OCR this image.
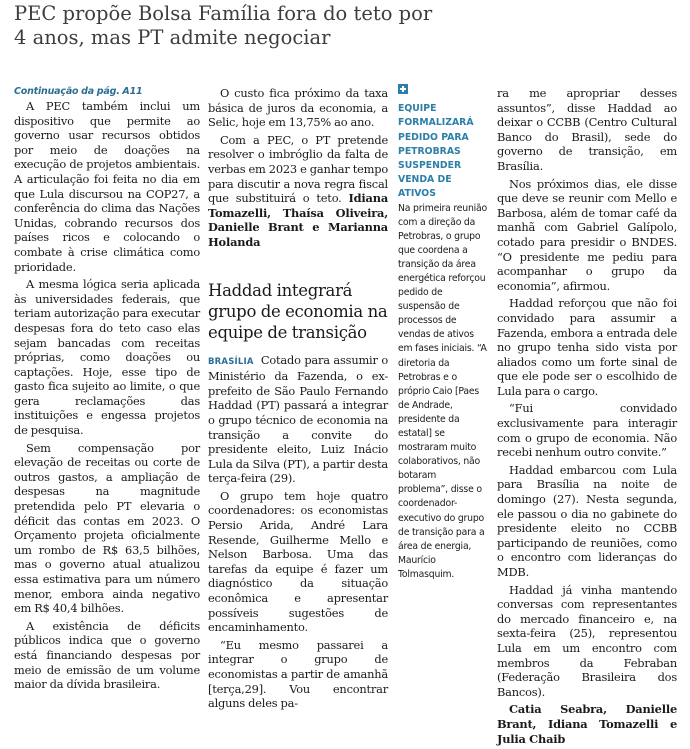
PEC propõe Bolsa Família fora do teto por 4 anos, mas PT admite negociar
Continuação da pág. A11

A PEC também inclui um dispositivo que permite ao governo usar recursos obtidos por meio de doações na execução de projetos ambientais. A articulação foi feita no dia em que Lula discursou na COP27, a conferência do clima das Nações Unidas, cobrando recursos dos países ricos e colocando o combate à crise climática como prioridade.

A mesma lógica seria aplicada às universidades federais, que teriam autorização para executar despesas fora do teto caso elas sejam bancadas com receitas próprias, como doações ou captações. Hoje, esse tipo de gasto fica sujeito ao limite, o que gera reclamações das instituições e engessa projetos de pesquisa.

Sem compensação por elevação de receitas ou corte de outros gastos, a ampliação de despesas na magnitude pretendida pelo PT elevaria o déficit das contas em 2023. O Orçamento projeta oficialmente um rombo de R$ 63,5 bilhões, mas o governo atual atualizou essa estimativa para um número menor, embora ainda negativo em R$ 40,4 bilhões.

A existência de déficits públicos indica que o governo está financiando despesas por meio de emissão de um volume maior da dívida brasileira.

O custo fica próximo da taxa básica de juros da economia, a Selic, hoje em 13,75% ao ano.

Com a PEC, o PT pretende resolver o imbróglio da falta de verbas em 2023 e ganhar tempo para discutir a nova regra fiscal que substituirá o teto. Idiana Tomazelli, Thaísa Oliveira, Danielle Brant e Marianna Holanda

Haddad integrará grupo de economia na equipe de transição

BRASÍLIA Cotado para assumir o Ministério da Fazenda, o ex-prefeito de São Paulo Fernando Haddad (PT) passará a integrar o grupo técnico de economia na transição a convite do presidente eleito, Luiz Inácio Lula da Silva (PT), a partir desta terça-feira (29).

O grupo tem hoje quatro coordenadores: os economistas Persio Arida, André Lara Resende, Guilherme Mello e Nelson Barbosa. Uma das tarefas da equipe é fazer um diagnóstico da situação econômica e apresentar possíveis sugestões de encaminhamento.

“Eu mesmo passarei a integrar o grupo de economistas a partir de amanhã [terça,29]. Vou encontrar alguns deles pa-

EQUIPE FORMALIZARÁ PEDIDO PARA PETROBRAS SUSPENDER VENDA DE ATIVOS
Na primeira reunião com a direção da Petrobras, o grupo que coordena a transição da área energética reforçou pedido de suspensão de processos de vendas de ativos em fases iniciais. “A diretoria da Petrobras e o próprio Caio [Paes de Andrade, presidente da estatal] se mostraram muito colaborativos, não botaram problema”, disse o coordenador-executivo do grupo de transição para a área de energia, Maurício Tolmasquim.

ra me apropriar desses assuntos”, disse Haddad ao deixar o CCBB (Centro Cultural Banco do Brasil), sede do governo de transição, em Brasília.

Nos próximos dias, ele disse que deve se reunir com Mello e Barbosa, além de tomar café da manhã com Gabriel Galípolo, cotado para presidir o BNDES. “O presidente me pediu para acompanhar o grupo da economia”, afirmou.

Haddad reforçou que não foi convidado para assumir a Fazenda, embora a entrada dele no grupo tenha sido vista por aliados como um forte sinal de que ele pode ser o escolhido de Lula para o cargo.

“Fui convidado exclusivamente para interagir com o grupo de economia. Não recebi nenhum outro convite.”

Haddad embarcou com Lula para Brasília na noite de domingo (27). Nesta segunda, ele passou o dia no gabinete do presidente eleito no CCBB participando de reuniões, como o encontro com lideranças do MDB.

Haddad já vinha mantendo conversas com representantes do mercado financeiro e, na sexta-feira (25), representou Lula em um encontro com membros da Febraban (Federação Brasileira dos Bancos).

Catia Seabra, Danielle Brant, Idiana Tomazelli e Julia Chaib
